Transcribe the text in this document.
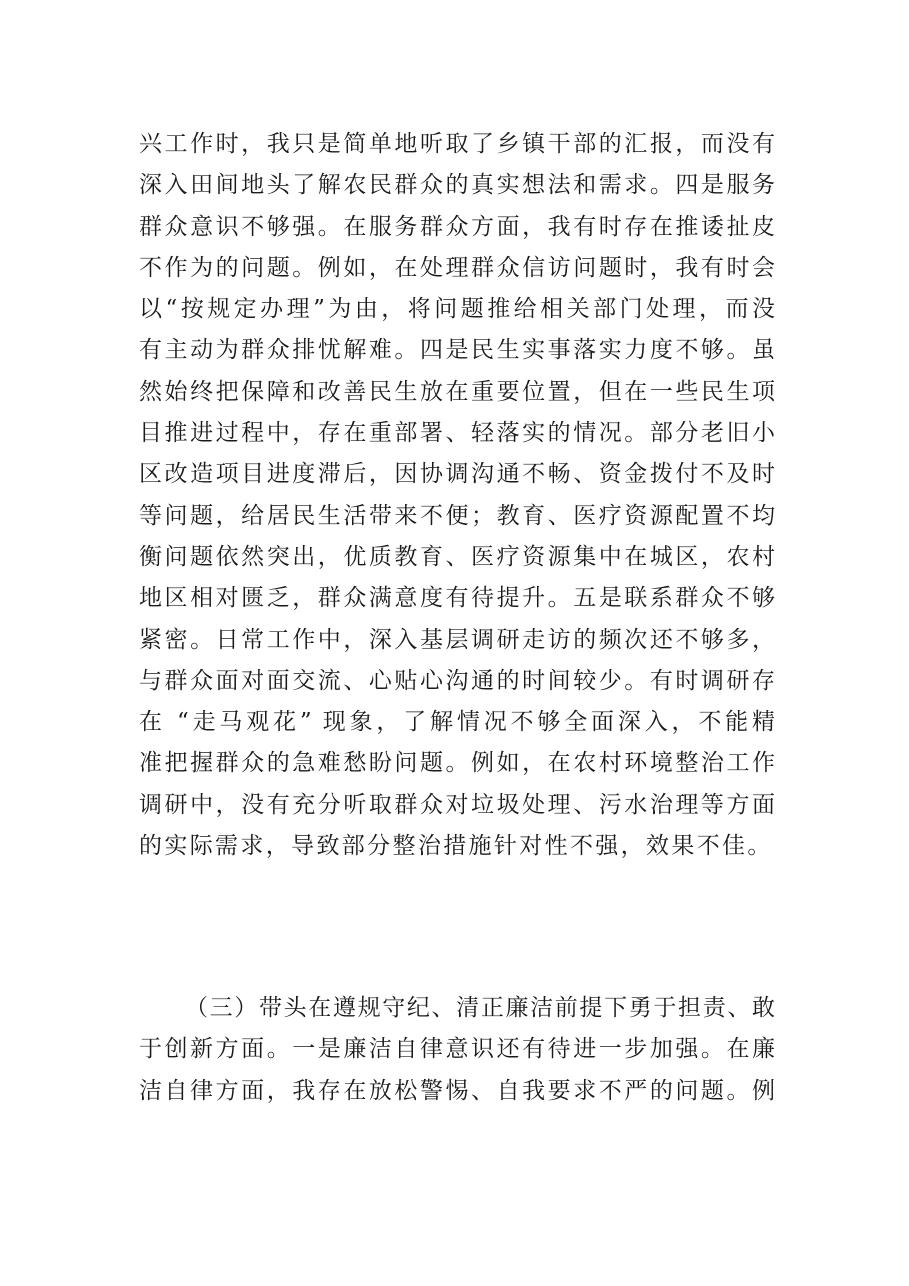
兴工作时，我只是简单地听取了乡镇干部的汇报，而没有
深入田间地头了解农民群众的真实想法和需求。四是服务
群众意识不够强。在服务群众方面，我有时存在推诿扯皮
不作为的问题。例如，在处理群众信访问题时，我有时会
以“按规定办理”为由，将问题推给相关部门处理，而没
有主动为群众排忧解难。四是民生实事落实力度不够。虽
然始终把保障和改善民生放在重要位置，但在一些民生项
目推进过程中，存在重部署、轻落实的情况。部分老旧小
区改造项目进度滞后，因协调沟通不畅、资金拨付不及时
等问题，给居民生活带来不便；教育、医疗资源配置不均
衡问题依然突出，优质教育、医疗资源集中在城区，农村
地区相对匮乏，群众满意度有待提升。五是联系群众不够
紧密。日常工作中，深入基层调研走访的频次还不够多，
与群众面对面交流、心贴心沟通的时间较少。有时调研存
在 “走马观花” 现象，了解情况不够全面深入，不能精
准把握群众的急难愁盼问题。例如，在农村环境整治工作
调研中，没有充分听取群众对垃圾处理、污水治理等方面
的实际需求，导致部分整治措施针对性不强，效果不佳。
（三）带头在遵规守纪、清正廉洁前提下勇于担责、敢
于创新方面。一是廉洁自律意识还有待进一步加强。在廉
洁自律方面，我存在放松警惕、自我要求不严的问题。例
